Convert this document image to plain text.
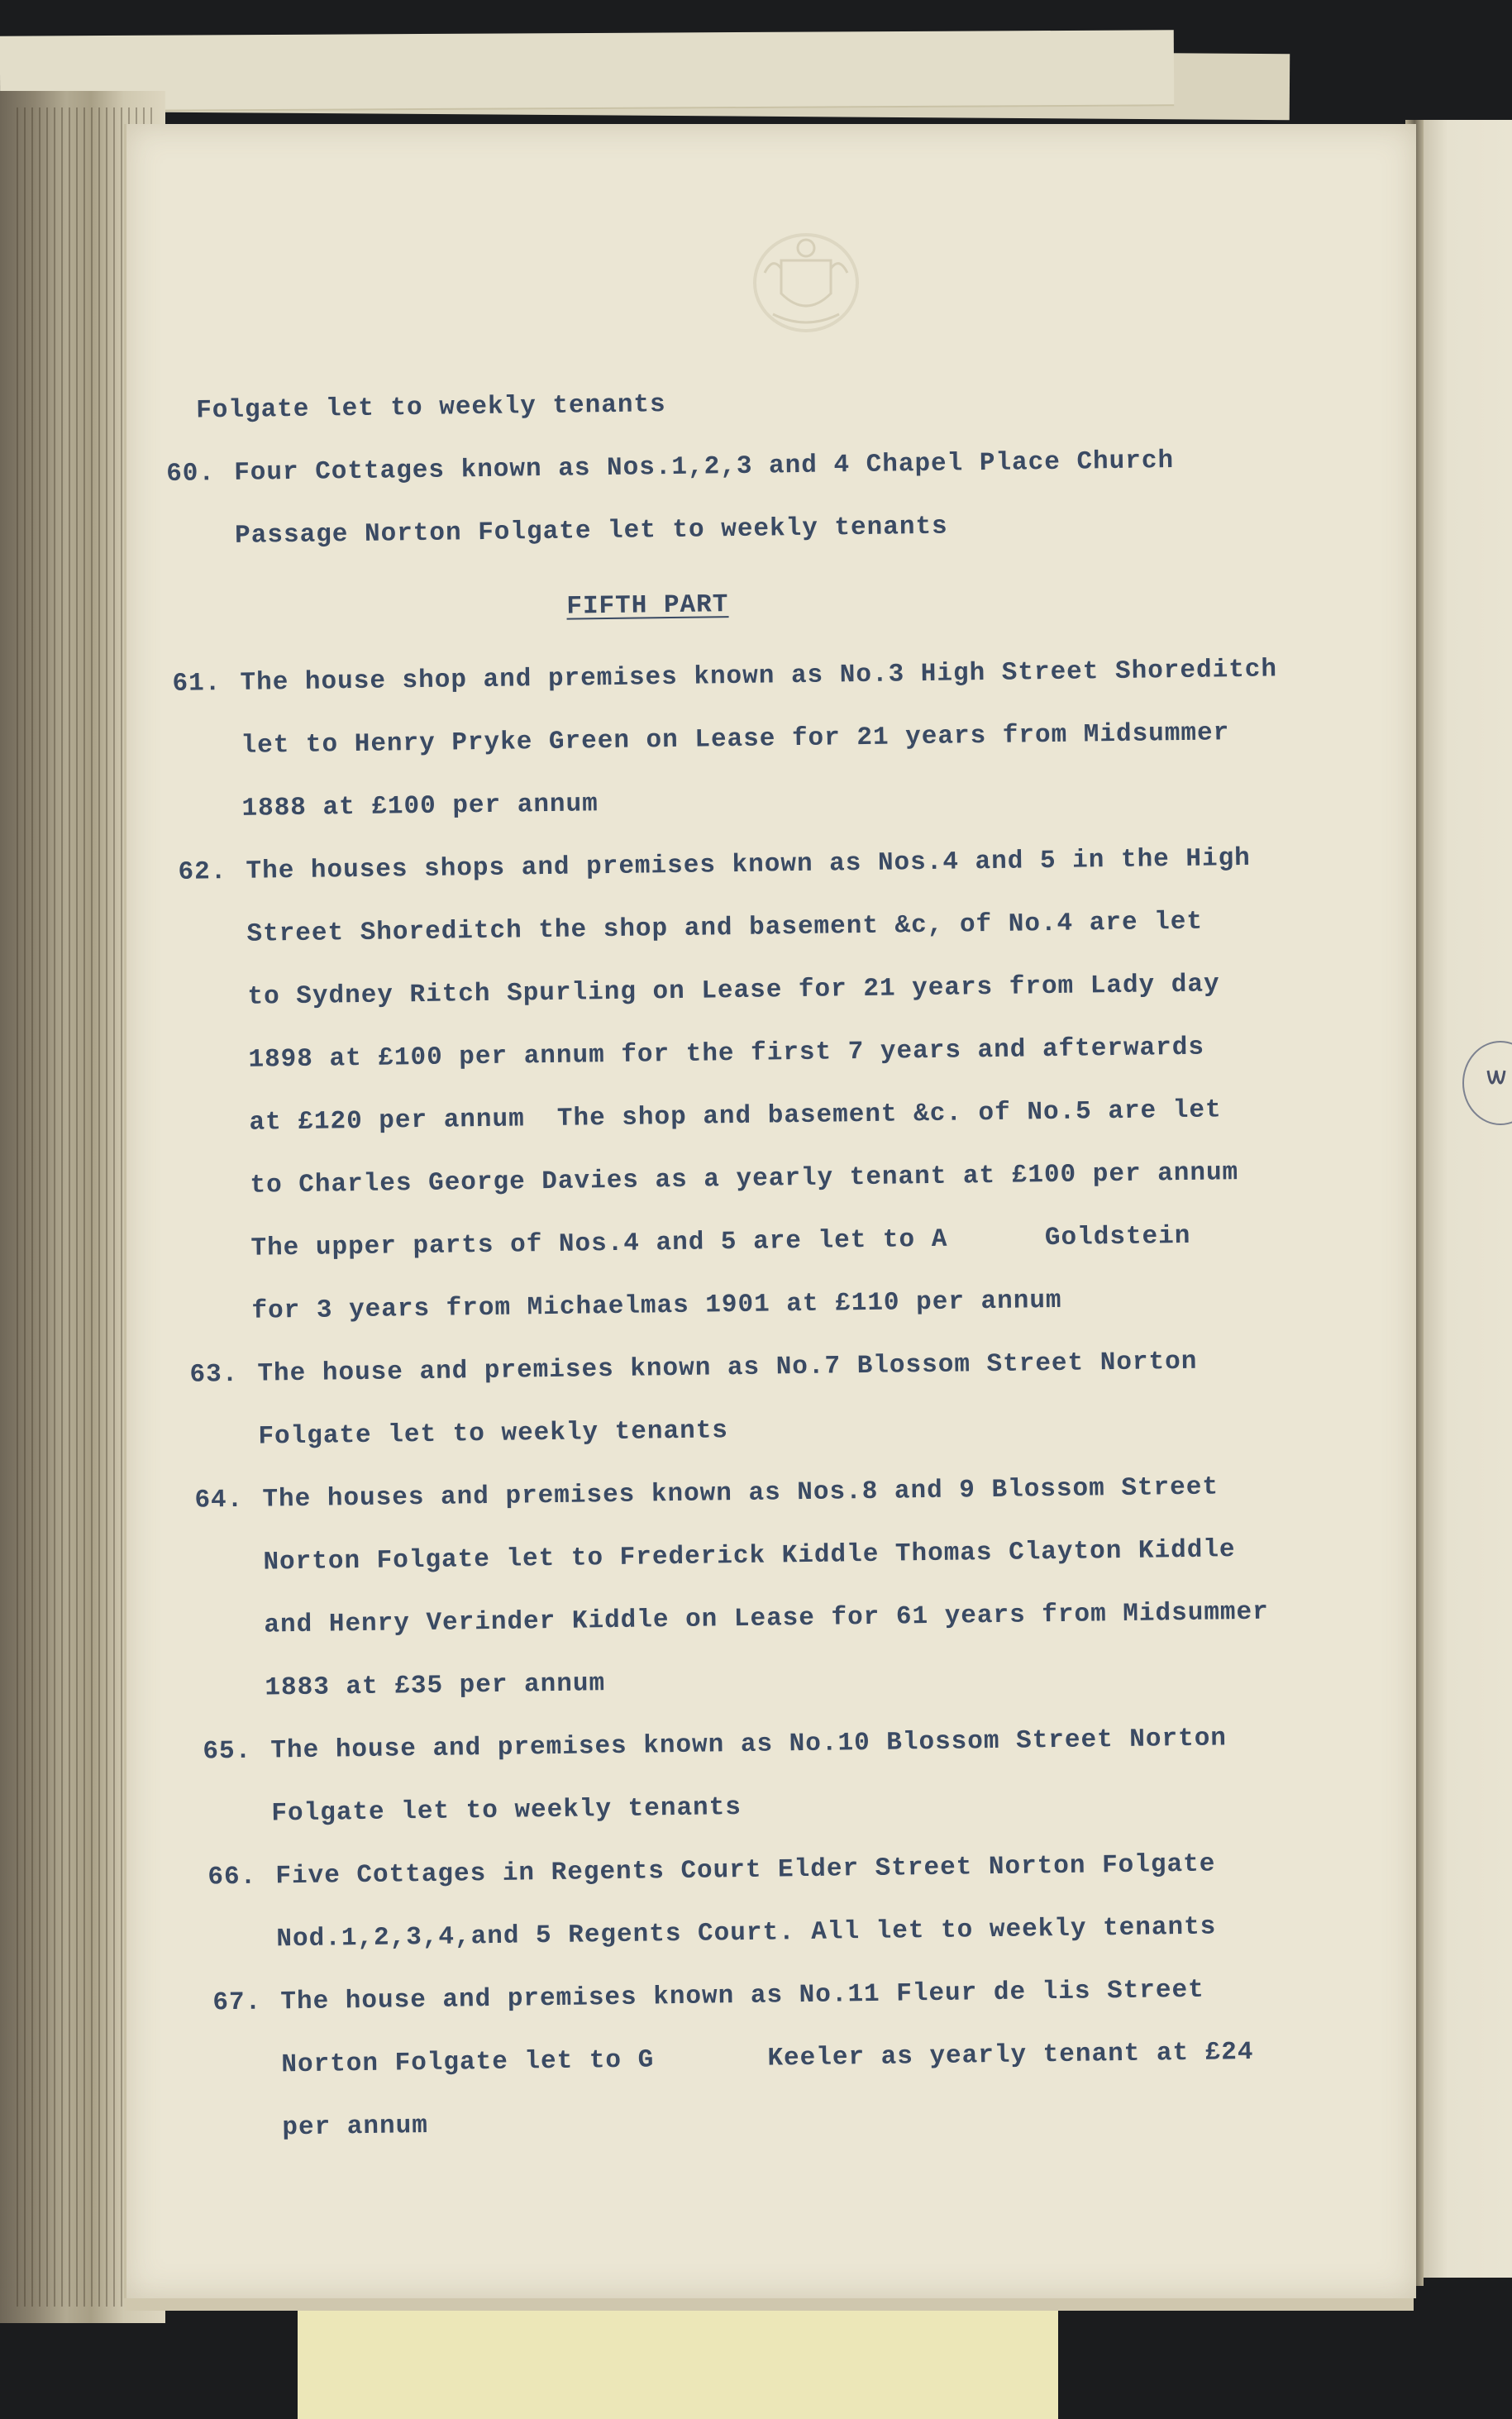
Folgate let to weekly tenants
60. Four Cottages known as Nos.1,2,3 and 4 Chapel Place Church
Passage Norton Folgate let to weekly tenants
FIFTH PART
61. The house shop and premises known as No.3 High Street Shoreditch
let to Henry Pryke Green on Lease for 21 years from Midsummer
1888 at £100 per annum
62. The houses shops and premises known as Nos.4 and 5 in the High
Street Shoreditch the shop and basement &c, of No.4 are let
to Sydney Ritch Spurling on Lease for 21 years from Lady day
1898 at £100 per annum for the first 7 years and afterwards
at £120 per annum  The shop and basement &c. of No.5 are let
to Charles George Davies as a yearly tenant at £100 per annum
The upper parts of Nos.4 and 5 are let to A      Goldstein
for 3 years from Michaelmas 1901 at £110 per annum
63. The house and premises known as No.7 Blossom Street Norton
Folgate let to weekly tenants
64. The houses and premises known as Nos.8 and 9 Blossom Street
Norton Folgate let to Frederick Kiddle Thomas Clayton Kiddle
and Henry Verinder Kiddle on Lease for 61 years from Midsummer
1883 at £35 per annum
65. The house and premises known as No.10 Blossom Street Norton
Folgate let to weekly tenants
66. Five Cottages in Regents Court Elder Street Norton Folgate
Nod.1,2,3,4,and 5 Regents Court. All let to weekly tenants
67. The house and premises known as No.11 Fleur de lis Street
Norton Folgate let to G       Keeler as yearly tenant at £24
per annum
